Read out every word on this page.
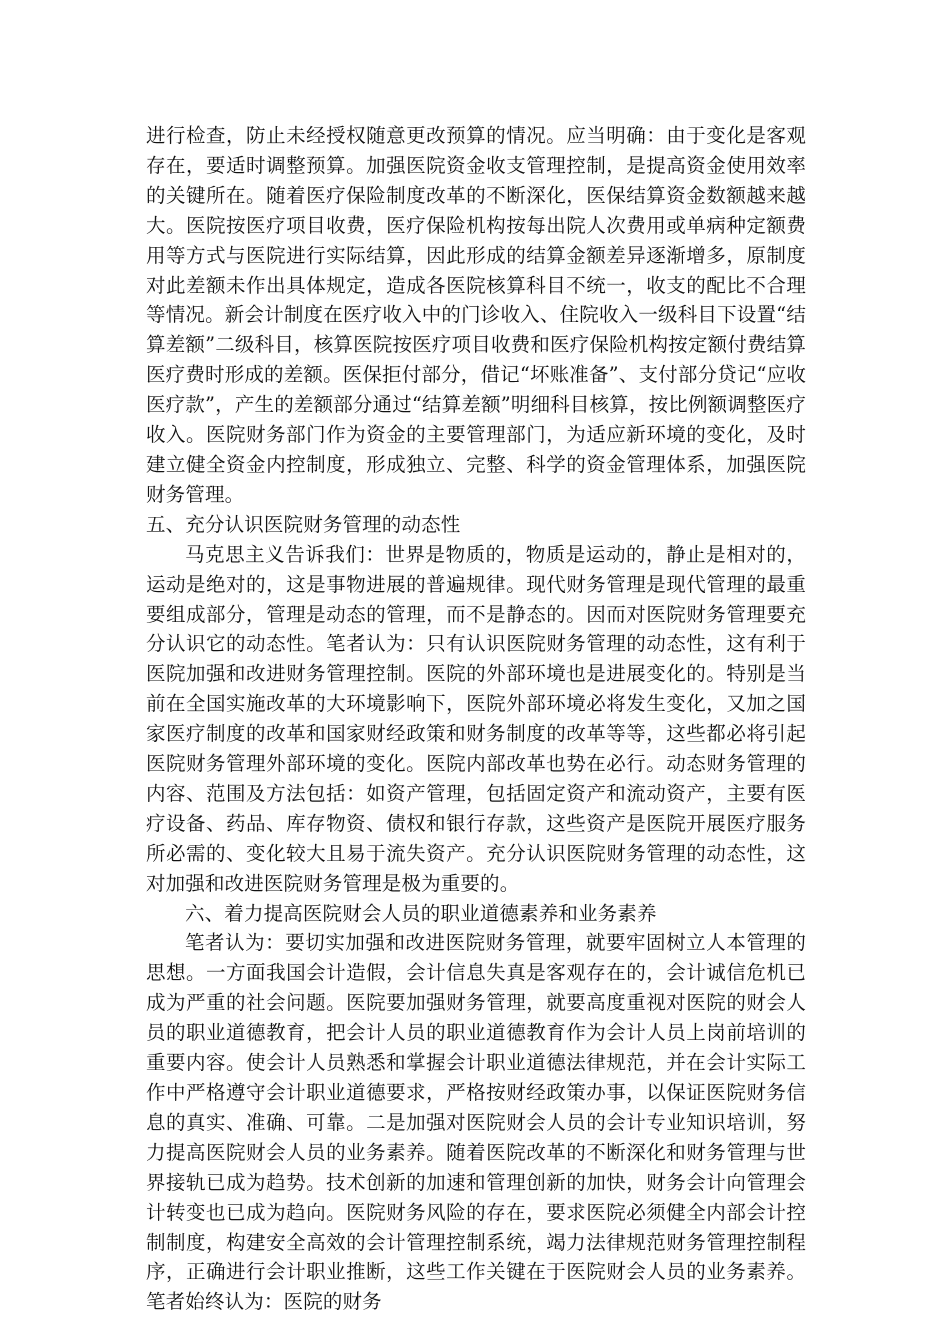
进行检查，防止未经授权随意更改预算的情况。应当明确：由于变化是客观存在，要适时调整预算。加强医院资金收支管理控制，是提高资金使用效率的关键所在。随着医疗保险制度改革的不断深化，医保结算资金数额越来越大。医院按医疗项目收费，医疗保险机构按每出院人次费用或单病种定额费用等方式与医院进行实际结算，因此形成的结算金额差异逐渐增多，原制度对此差额未作出具体规定，造成各医院核算科目不统一，收支的配比不合理等情况。新会计制度在医疗收入中的门诊收入、住院收入一级科目下设置“结算差额”二级科目，核算医院按医疗项目收费和医疗保险机构按定额付费结算医疗费时形成的差额。医保拒付部分，借记“坏账准备”、支付部分贷记“应收医疗款”，产生的差额部分通过“结算差额”明细科目核算，按比例额调整医疗收入。医院财务部门作为资金的主要管理部门，为适应新环境的变化，及时建立健全资金内控制度，形成独立、完整、科学的资金管理体系，加强医院财务管理。

五、充分认识医院财务管理的动态性

马克思主义告诉我们：世界是物质的，物质是运动的，静止是相对的，运动是绝对的，这是事物进展的普遍规律。现代财务管理是现代管理的最重要组成部分，管理是动态的管理，而不是静态的。因而对医院财务管理要充分认识它的动态性。笔者认为：只有认识医院财务管理的动态性，这有利于医院加强和改进财务管理控制。医院的外部环境也是进展变化的。特别是当前在全国实施改革的大环境影响下，医院外部环境必将发生变化，又加之国家医疗制度的改革和国家财经政策和财务制度的改革等等，这些都必将引起医院财务管理外部环境的变化。医院内部改革也势在必行。动态财务管理的内容、范围及方法包括：如资产管理，包括固定资产和流动资产，主要有医疗设备、药品、库存物资、债权和银行存款，这些资产是医院开展医疗服务所必需的、变化较大且易于流失资产。充分认识医院财务管理的动态性，这对加强和改进医院财务管理是极为重要的。

六、着力提高医院财会人员的职业道德素养和业务素养

笔者认为：要切实加强和改进医院财务管理，就要牢固树立人本管理的思想。一方面我国会计造假，会计信息失真是客观存在的，会计诚信危机已成为严重的社会问题。医院要加强财务管理，就要高度重视对医院的财会人员的职业道德教育，把会计人员的职业道德教育作为会计人员上岗前培训的重要内容。使会计人员熟悉和掌握会计职业道德法律规范，并在会计实际工作中严格遵守会计职业道德要求，严格按财经政策办事，以保证医院财务信息的真实、准确、可靠。二是加强对医院财会人员的会计专业知识培训，努力提高医院财会人员的业务素养。随着医院改革的不断深化和财务管理与世界接轨已成为趋势。技术创新的加速和管理创新的加快，财务会计向管理会计转变也已成为趋向。医院财务风险的存在，要求医院必须健全内部会计控制制度，构建安全高效的会计管理控制系统，竭力法律规范财务管理控制程序，正确进行会计职业推断，这些工作关键在于医院财会人员的业务素养。笔者始终认为：医院的财务
